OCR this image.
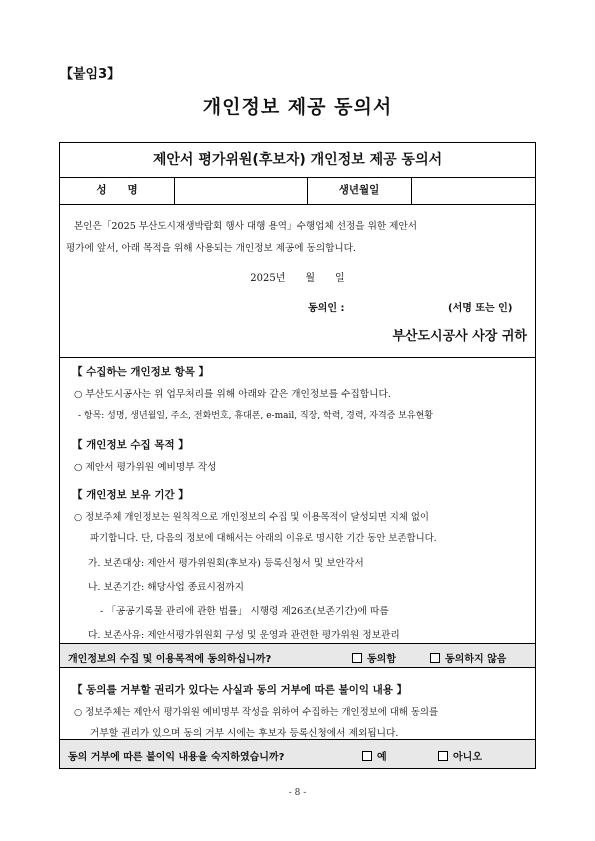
【붙임3】
개인정보 제공 동의서
제안서 평가위원(후보자) 개인정보 제공 동의서
성　　명	생년월일
본인은「2025 부산도시재생박람회 행사 대행 용역」수행업체 선정을 위한 제안서
평가에 앞서, 아래 목적을 위해 사용되는 개인정보 제공에 동의합니다.
2025년　　월　　일
동의인 :	(서명 또는 인)
부산도시공사 사장 귀하
【 수집하는 개인정보 항목 】
○ 부산도시공사는 위 업무처리를 위해 아래와 같은 개인정보를 수집합니다.
- 항목: 성명, 생년월일, 주소, 전화번호, 휴대폰, e-mail, 직장, 학력, 경력, 자격증 보유현황
【 개인정보 수집 목적 】
○ 제안서 평가위원 예비명부 작성
【 개인정보 보유 기간 】
○ 정보주체 개인정보는 원칙적으로 개인정보의 수집 및 이용목적이 달성되면 지체 없이
파기합니다. 단, 다음의 정보에 대해서는 아래의 이유로 명시한 기간 동안 보존합니다.
가. 보존대상: 제안서 평가위원회(후보자) 등록신청서 및 보안각서
나. 보존기간: 해당사업 종료시점까지
- 「공공기록물 관리에 관한 법률」 시행령 제26조(보존기간)에 따름
다. 보존사유: 제안서평가위원회 구성 및 운영과 관련한 평가위원 정보관리
개인정보의 수집 및 이용목적에 동의하십니까?	동의함	동의하지 않음
【 동의를 거부할 권리가 있다는 사실과 동의 거부에 따른 불이익 내용 】
○ 정보주체는 제안서 평가위원 예비명부 작성을 위하여 수집하는 개인정보에 대해 동의를
거부할 권리가 있으며 동의 거부 시에는 후보자 등록신청에서 제외됩니다.
동의 거부에 따른 불이익 내용을 숙지하였습니까?	예	아니오
- 8 -
